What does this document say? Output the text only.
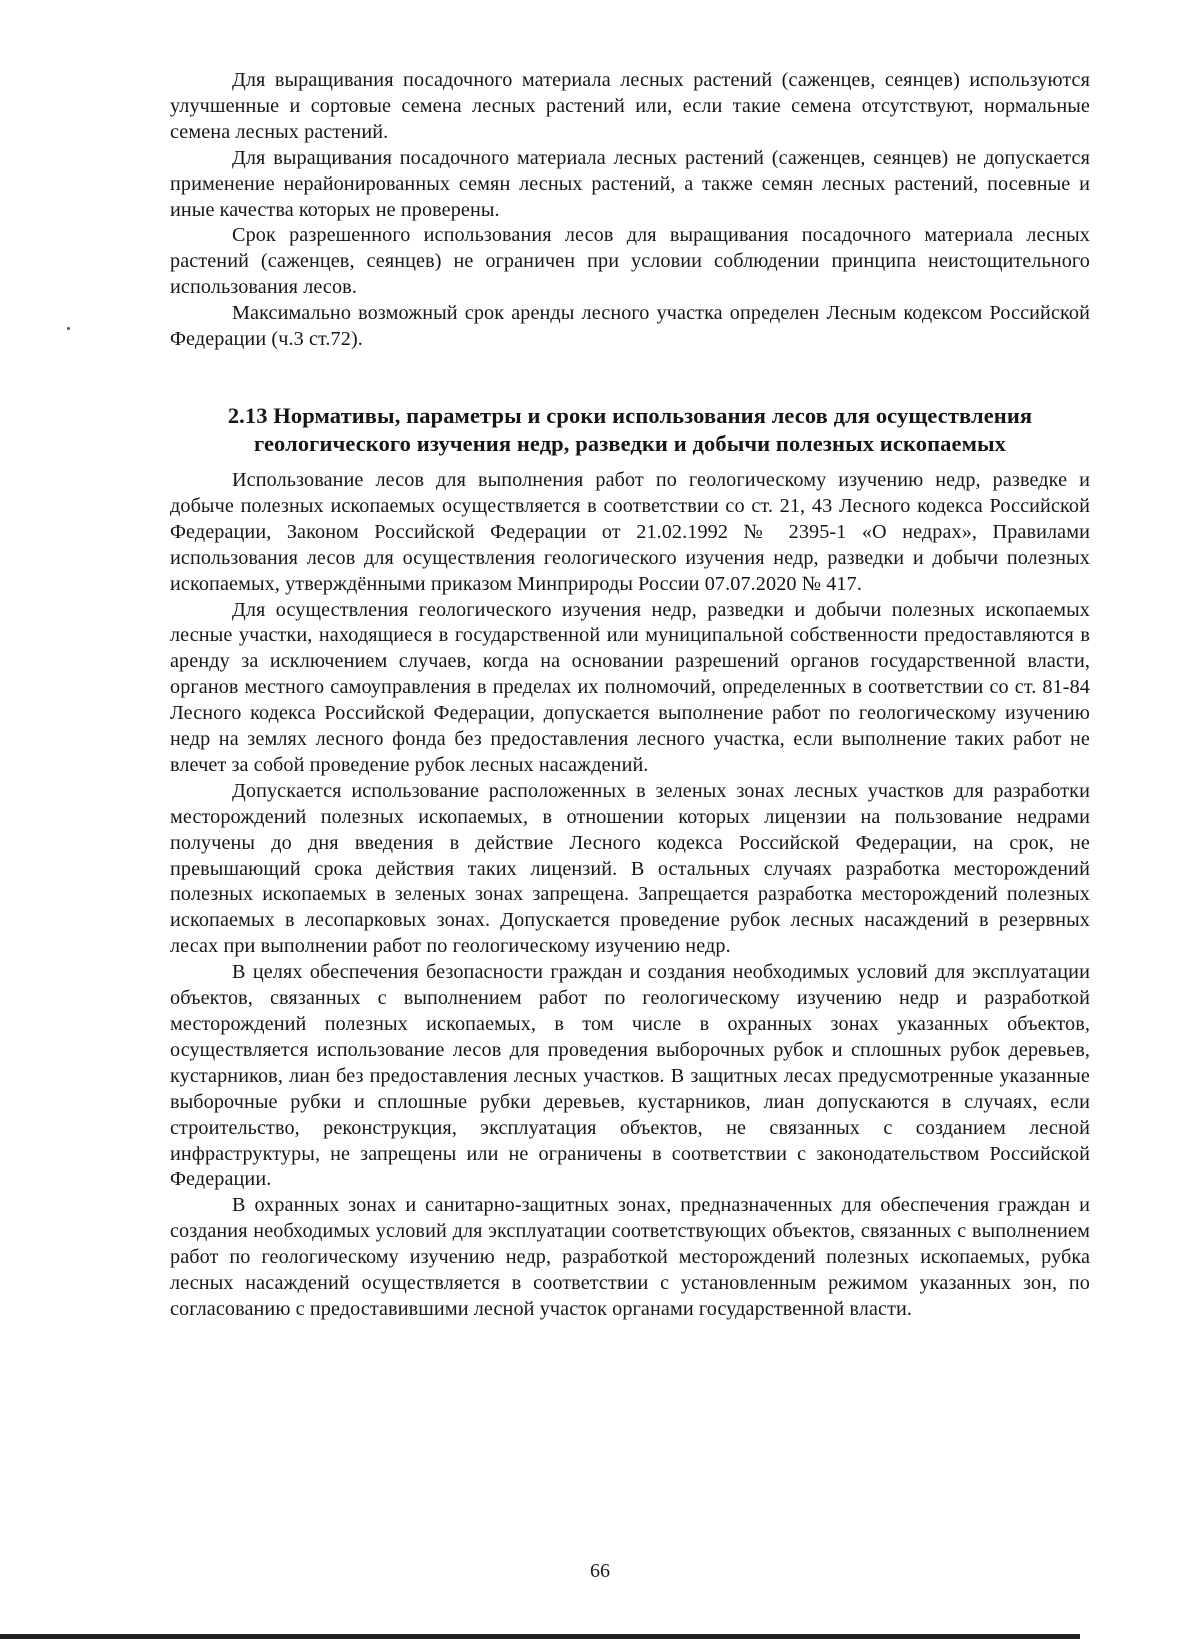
Для выращивания посадочного материала лесных растений (саженцев, сеянцев) используются улучшенные и сортовые семена лесных растений или, если такие семена отсутствуют, нормальные семена лесных растений.

Для выращивания посадочного материала лесных растений (саженцев, сеянцев) не допускается применение нерайонированных семян лесных растений, а также семян лесных растений, посевные и иные качества которых не проверены.

Срок разрешенного использования лесов для выращивания посадочного материала лесных растений (саженцев, сеянцев) не ограничен при условии соблюдении принципа неистощительного использования лесов.

Максимально возможный срок аренды лесного участка определен Лесным кодексом Российской Федерации (ч.3 ст.72).

2.13 Нормативы, параметры и сроки использования лесов для осуществления
геологического изучения недр, разведки и добычи полезных ископаемых

Использование лесов для выполнения работ по геологическому изучению недр, разведке и добыче полезных ископаемых осуществляется в соответствии со ст. 21, 43 Лесного кодекса Российской Федерации, Законом Российской Федерации от 21.02.1992 № 2395-1 «О недрах», Правилами использования лесов для осуществления геологического изучения недр, разведки и добычи полезных ископаемых, утверждёнными приказом Минприроды России 07.07.2020 № 417.

Для осуществления геологического изучения недр, разведки и добычи полезных ископаемых лесные участки, находящиеся в государственной или муниципальной собственности предоставляются в аренду за исключением случаев, когда на основании разрешений органов государственной власти, органов местного самоуправления в пределах их полномочий, определенных в соответствии со ст. 81-84 Лесного кодекса Российской Федерации, допускается выполнение работ по геологическому изучению недр на землях лесного фонда без предоставления лесного участка, если выполнение таких работ не влечет за собой проведение рубок лесных насаждений.

Допускается использование расположенных в зеленых зонах лесных участков для разработки месторождений полезных ископаемых, в отношении которых лицензии на пользование недрами получены до дня введения в действие Лесного кодекса Российской Федерации, на срок, не превышающий срока действия таких лицензий. В остальных случаях разработка месторождений полезных ископаемых в зеленых зонах запрещена. Запрещается разработка месторождений полезных ископаемых в лесопарковых зонах. Допускается проведение рубок лесных насаждений в резервных лесах при выполнении работ по геологическому изучению недр.

В целях обеспечения безопасности граждан и создания необходимых условий для эксплуатации объектов, связанных с выполнением работ по геологическому изучению недр и разработкой месторождений полезных ископаемых, в том числе в охранных зонах указанных объектов, осуществляется использование лесов для проведения выборочных рубок и сплошных рубок деревьев, кустарников, лиан без предоставления лесных участков. В защитных лесах предусмотренные указанные выборочные рубки и сплошные рубки деревьев, кустарников, лиан допускаются в случаях, если строительство, реконструкция, эксплуатация объектов, не связанных с созданием лесной инфраструктуры, не запрещены или не ограничены в соответствии с законодательством Российской Федерации.

В охранных зонах и санитарно-защитных зонах, предназначенных для обеспечения граждан и создания необходимых условий для эксплуатации соответствующих объектов, связанных с выполнением работ по геологическому изучению недр, разработкой месторождений полезных ископаемых, рубка лесных насаждений осуществляется в соответствии с установленным режимом указанных зон, по согласованию с предоставившими лесной участок органами государственной власти.

66
